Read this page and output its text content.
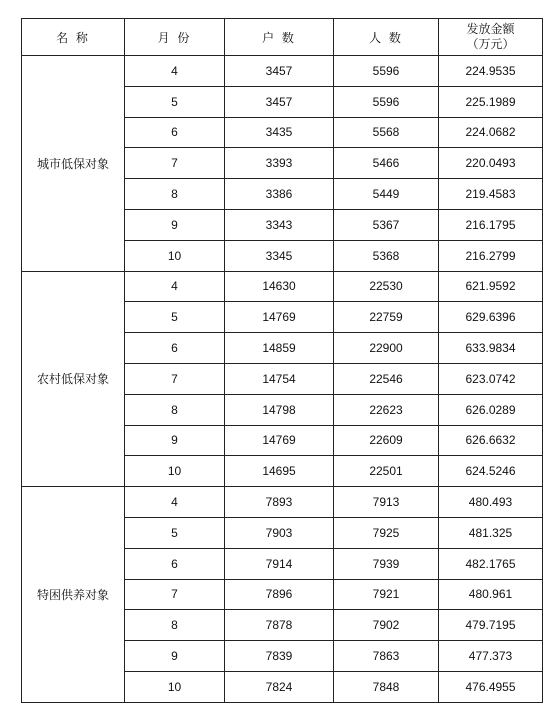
名 称	月 份	户 数	人 数	发放金额
（万元）

城市低保对象	4	3457	5596	224.9535
	5	3457	5596	225.1989
	6	3435	5568	224.0682
	7	3393	5466	220.0493
	8	3386	5449	219.4583
	9	3343	5367	216.1795
	10	3345	5368	216.2799
农村低保对象	4	14630	22530	621.9592
	5	14769	22759	629.6396
	6	14859	22900	633.9834
	7	14754	22546	623.0742
	8	14798	22623	626.0289
	9	14769	22609	626.6632
	10	14695	22501	624.5246
特困供养对象	4	7893	7913	480.493
	5	7903	7925	481.325
	6	7914	7939	482.1765
	7	7896	7921	480.961
	8	7878	7902	479.7195
	9	7839	7863	477.373
	10	7824	7848	476.4955
